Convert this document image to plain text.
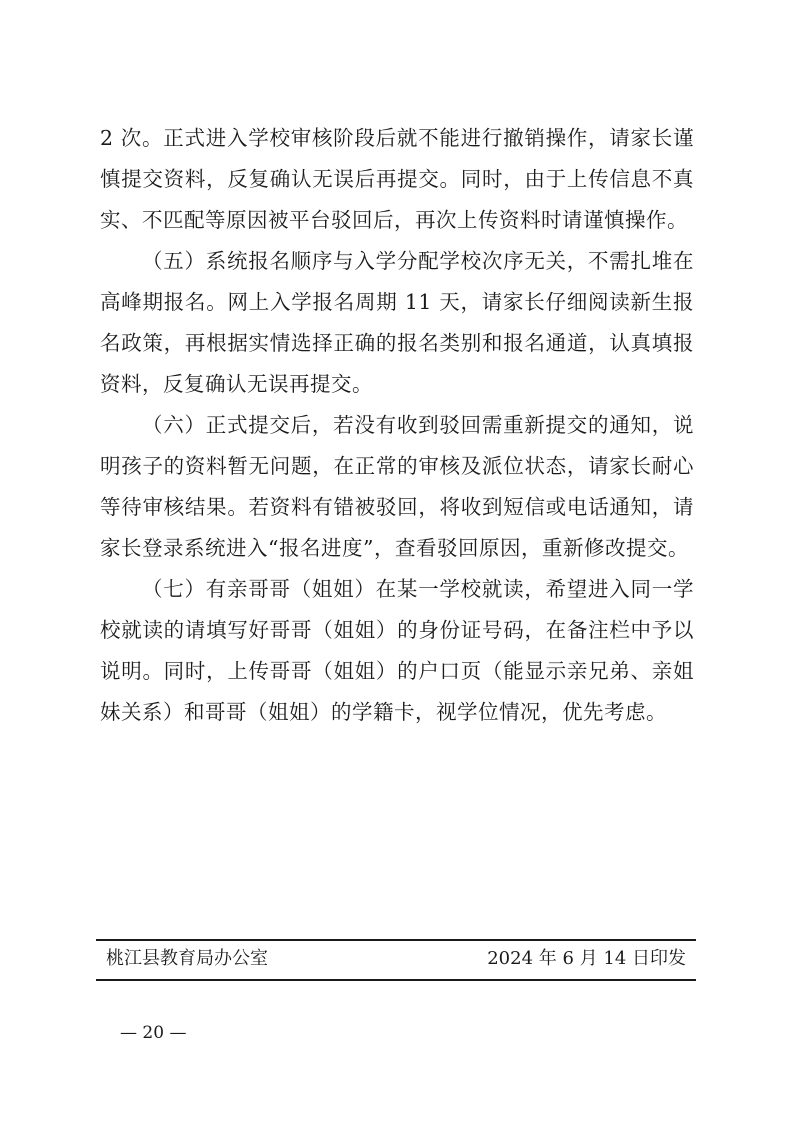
2 次。正式进入学校审核阶段后就不能进行撤销操作，请家长谨慎提交资料，反复确认无误后再提交。同时，由于上传信息不真实、不匹配等原因被平台驳回后，再次上传资料时请谨慎操作。

（五）系统报名顺序与入学分配学校次序无关，不需扎堆在高峰期报名。网上入学报名周期 11 天，请家长仔细阅读新生报名政策，再根据实情选择正确的报名类别和报名通道，认真填报资料，反复确认无误再提交。

（六）正式提交后，若没有收到驳回需重新提交的通知，说明孩子的资料暂无问题，在正常的审核及派位状态，请家长耐心等待审核结果。若资料有错被驳回，将收到短信或电话通知，请家长登录系统进入“报名进度”，查看驳回原因，重新修改提交。

（七）有亲哥哥（姐姐）在某一学校就读，希望进入同一学校就读的请填写好哥哥（姐姐）的身份证号码，在备注栏中予以说明。同时，上传哥哥（姐姐）的户口页（能显示亲兄弟、亲姐妹关系）和哥哥（姐姐）的学籍卡，视学位情况，优先考虑。

桃江县教育局办公室	2024 年 6 月 14 日印发
— 20 —
